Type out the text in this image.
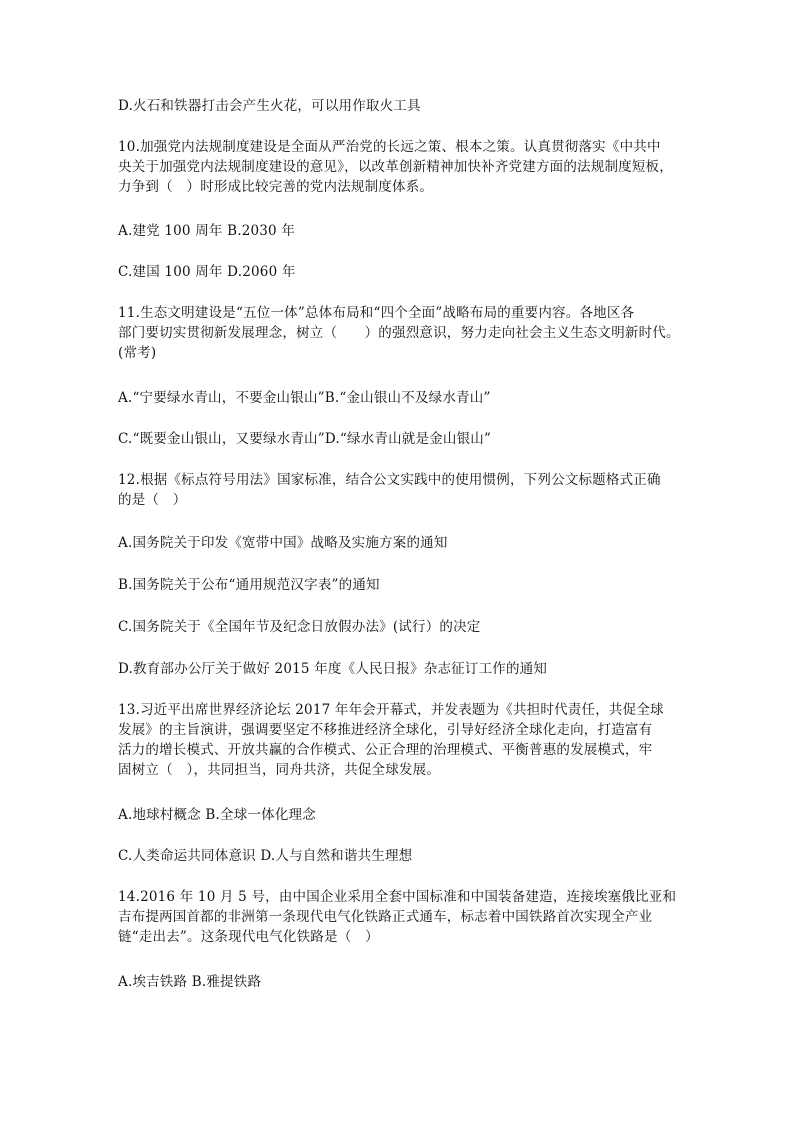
D.火石和铁器打击会产生火花，可以用作取火工具
10.加强党内法规制度建设是全面从严治党的长远之策、根本之策。认真贯彻落实《中共中
央关于加强党内法规制度建设的意见》，以改革创新精神加快补齐党建方面的法规制度短板，
力争到（　）时形成比较完善的党内法规制度体系。
A.建党 100 周年 B.2030 年
C.建国 100 周年 D.2060 年
11.生态文明建设是“五位一体”总体布局和“四个全面”战略布局的重要内容。各地区各
部门要切实贯彻新发展理念，树立（　　）的强烈意识，努力走向社会主义生态文明新时代。
(常考)
A.“宁要绿水青山，不要金山银山”B.“金山银山不及绿水青山”
C.“既要金山银山，又要绿水青山”D.“绿水青山就是金山银山”
12.根据《标点符号用法》国家标准，结合公文实践中的使用惯例，下列公文标题格式正确
的是（　）
A.国务院关于印发《宽带中国》战略及实施方案的通知
B.国务院关于公布“通用规范汉字表”的通知
C.国务院关于《全国年节及纪念日放假办法》(试行）的决定
D.教育部办公厅关于做好 2015 年度《人民日报》杂志征订工作的通知
13.习近平出席世界经济论坛 2017 年年会开幕式，并发表题为《共担时代责任，共促全球
发展》的主旨演讲，强调要坚定不移推进经济全球化，引导好经济全球化走向，打造富有
活力的增长模式、开放共赢的合作模式、公正合理的治理模式、平衡普惠的发展模式，牢
固树立（　），共同担当，同舟共济，共促全球发展。
A.地球村概念 B.全球一体化理念
C.人类命运共同体意识 D.人与自然和谐共生理想
14.2016 年 10 月 5 号，由中国企业采用全套中国标准和中国装备建造，连接埃塞俄比亚和
吉布提两国首都的非洲第一条现代电气化铁路正式通车，标志着中国铁路首次实现全产业
链“走出去”。这条现代电气化铁路是（　）
A.埃吉铁路 B.雅提铁路
